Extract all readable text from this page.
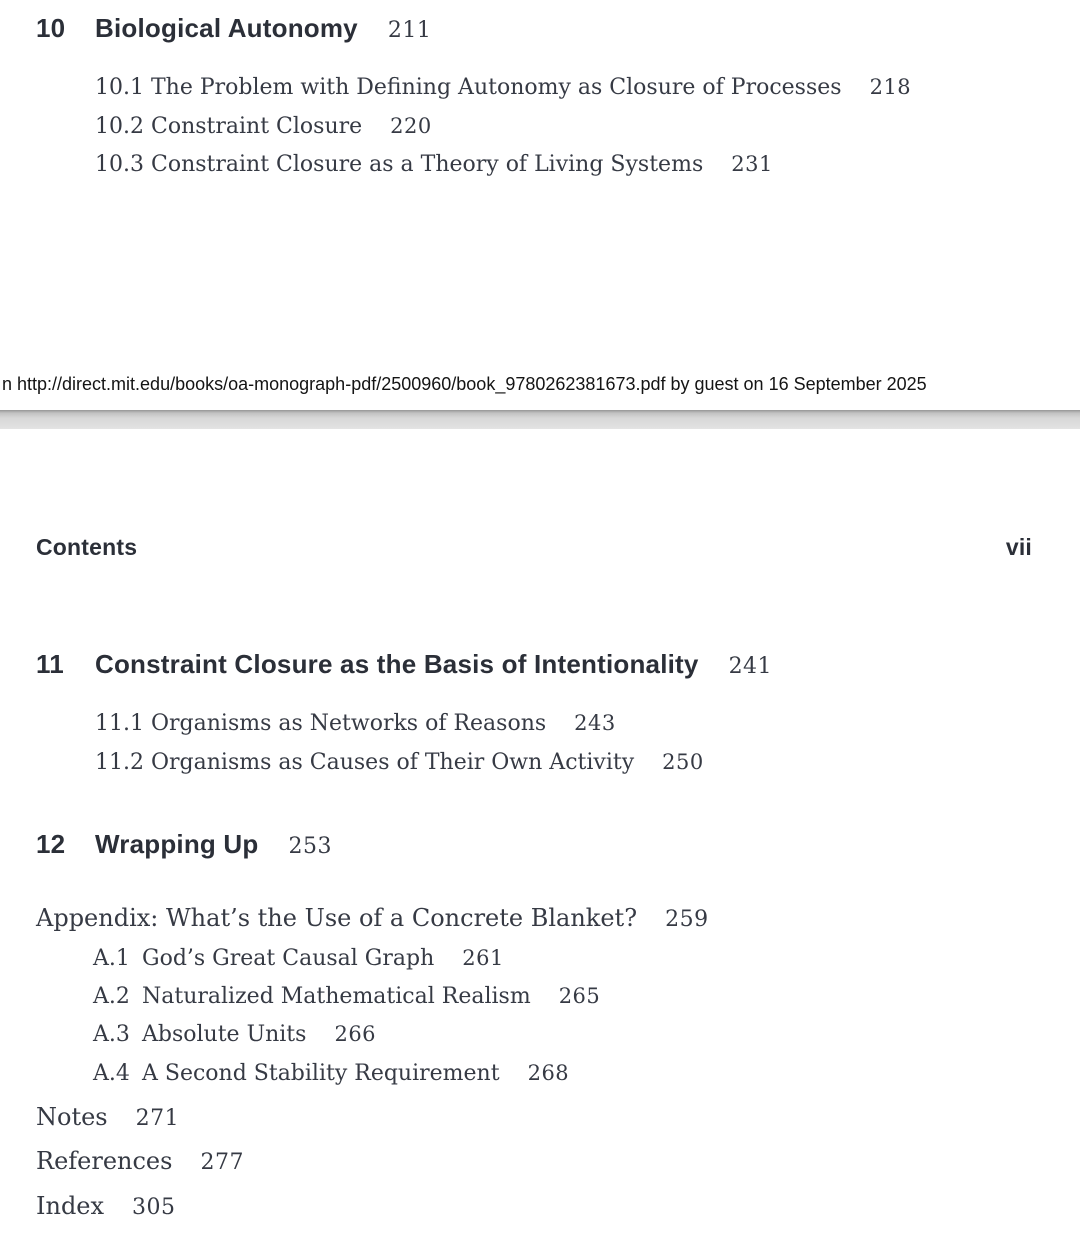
10 Biological Autonomy 211
10.1 The Problem with Defining Autonomy as Closure of Processes 218
10.2 Constraint Closure 220
10.3 Constraint Closure as a Theory of Living Systems 231
n http://direct.mit.edu/books/oa-monograph-pdf/2500960/book_9780262381673.pdf by guest on 16 September 2025
Contents	vii
11 Constraint Closure as the Basis of Intentionality 241
11.1 Organisms as Networks of Reasons 243
11.2 Organisms as Causes of Their Own Activity 250
12 Wrapping Up 253
Appendix: What’s the Use of a Concrete Blanket? 259
A.1 God’s Great Causal Graph 261
A.2 Naturalized Mathematical Realism 265
A.3 Absolute Units 266
A.4 A Second Stability Requirement 268
Notes 271
References 277
Index 305
